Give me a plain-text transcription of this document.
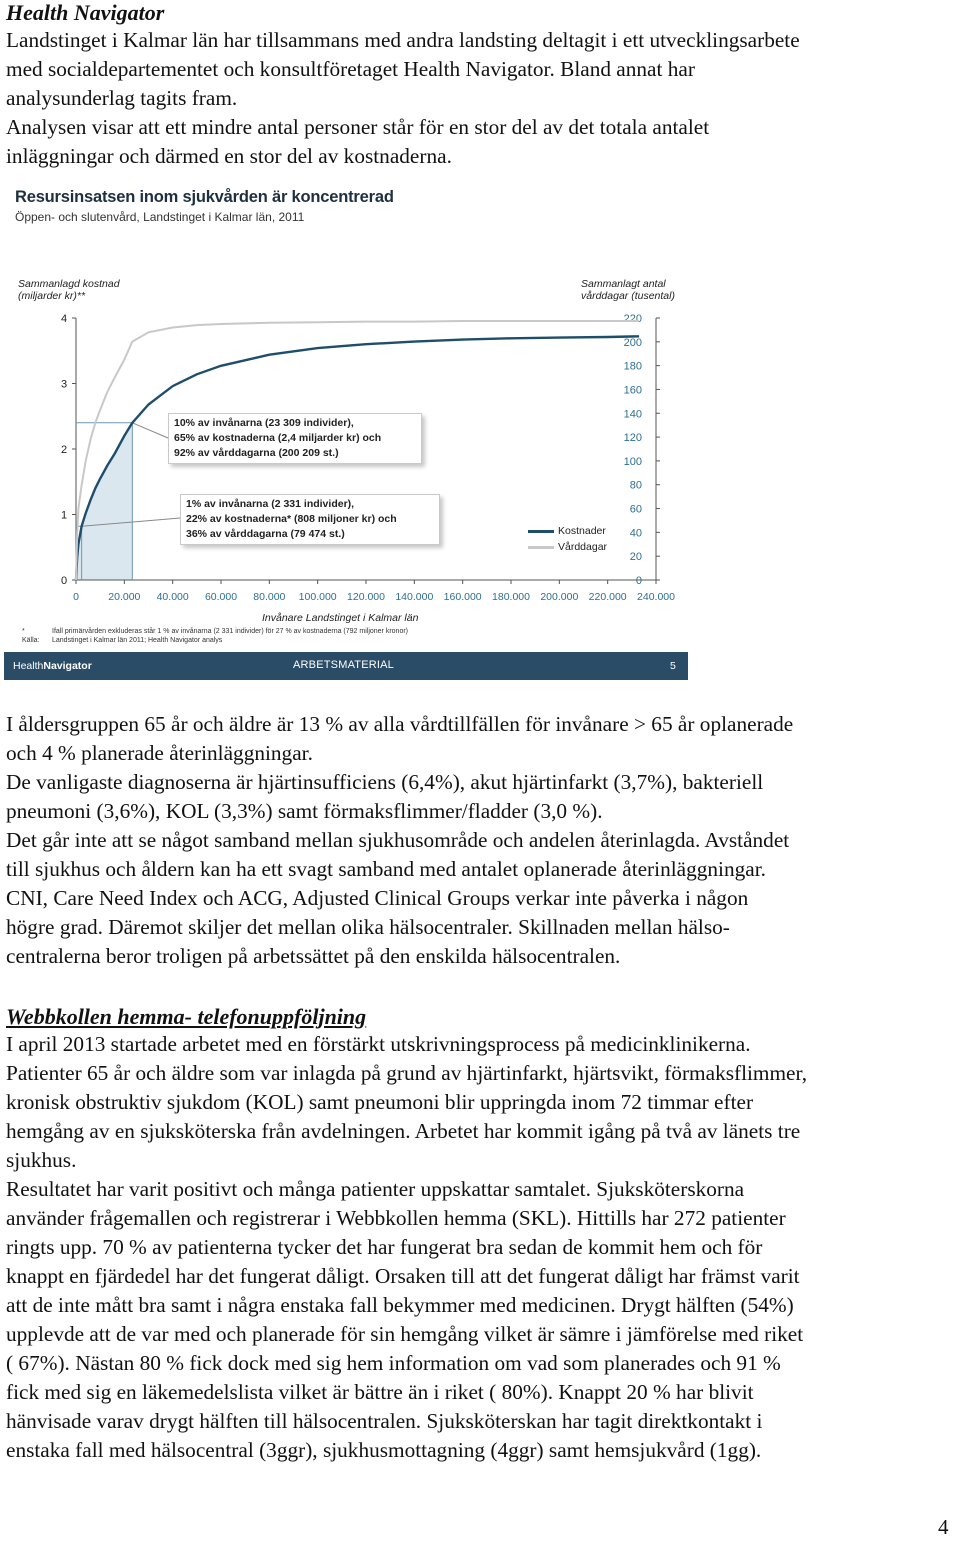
Health Navigator

Landstinget i Kalmar län har tillsammans med andra landsting deltagit i ett utvecklingsarbete
med socialdepartementet och konsultföretaget Health Navigator. Bland annat har
analysunderlag tagits fram.
Analysen visar att ett mindre antal personer står för en stor del av det totala antalet
inläggningar och därmed en stor del av kostnaderna.

0	20.000 40.000 60.000 80.000 100.000 120.000 140.000 160.000 180.000 200.000 220.000 240.000
0
1
2
3
4
0
20
40
60
80
100
120
140
160
180
200
220

Resursinsatsen inom sjukvården är koncentrerad

Öppen- och slutenvård, Landstinget i Kalmar län, 2011

Sammanlagd kostnad
(miljarder kr)**
Sammanlagt antal
vårddagar (tusental)
Invånare Landstinget i Kalmar län
10% av invånarna (23 309 individer),
65% av kostnaderna (2,4 miljarder kr) och
92% av vårddagarna (200 209 st.)
1% av invånarna (2 331 individer),
22% av kostnaderna* (808 miljoner kr) och
36% av vårddagarna (79 474 st.)	Kostnader
Vårddagar
*	Ifall primärvården exkluderas står 1 % av invånarna (2 331 individer) för 27 % av kostnaderna (792 miljoner kronor)
Källa:	Landstinget i Kalmar län 2011; Health Navigator analys
HealthNavigator	ARBETSMATERIAL	5

I åldersgruppen 65 år och äldre är 13 % av alla vårdtillfällen för invånare > 65 år oplanerade
och 4 % planerade återinläggningar.
De vanligaste diagnoserna är hjärtinsufficiens (6,4%), akut hjärtinfarkt (3,7%), bakteriell
pneumoni (3,6%), KOL (3,3%) samt förmaksflimmer/fladder (3,0 %).
Det går inte att se något samband mellan sjukhusområde och andelen återinlagda. Avståndet
till sjukhus och åldern kan ha ett svagt samband med antalet oplanerade återinläggningar.
CNI, Care Need Index och ACG, Adjusted Clinical Groups verkar inte påverka i någon
högre grad. Däremot skiljer det mellan olika hälsocentraler. Skillnaden mellan hälso-
centralerna beror troligen på arbetssättet på den enskilda hälsocentralen.

Webbkollen hemma- telefonuppföljning

I april 2013 startade arbetet med en förstärkt utskrivningsprocess på medicinklinikerna.
Patienter 65 år och äldre som var inlagda på grund av hjärtinfarkt, hjärtsvikt, förmaksflimmer,
kronisk obstruktiv sjukdom (KOL) samt pneumoni blir uppringda inom 72 timmar efter
hemgång av en sjuksköterska från avdelningen. Arbetet har kommit igång på två av länets tre
sjukhus.
Resultatet har varit positivt och många patienter uppskattar samtalet. Sjuksköterskorna
använder frågemallen och registrerar i Webbkollen hemma (SKL). Hittills har 272 patienter
ringts upp. 70 % av patienterna tycker det har fungerat bra sedan de kommit hem och för
knappt en fjärdedel har det fungerat dåligt. Orsaken till att det fungerat dåligt har främst varit
att de inte mått bra samt i några enstaka fall bekymmer med medicinen. Drygt hälften (54%)
upplevde att de var med och planerade för sin hemgång vilket är sämre i jämförelse med riket
( 67%). Nästan 80 % fick dock med sig hem information om vad som planerades och 91 %
fick med sig en läkemedelslista vilket är bättre än i riket ( 80%). Knappt 20 % har blivit
hänvisade varav drygt hälften till hälsocentralen. Sjuksköterskan har tagit direktkontakt i
enstaka fall med hälsocentral (3ggr), sjukhusmottagning (4ggr) samt hemsjukvård (1gg).

4
